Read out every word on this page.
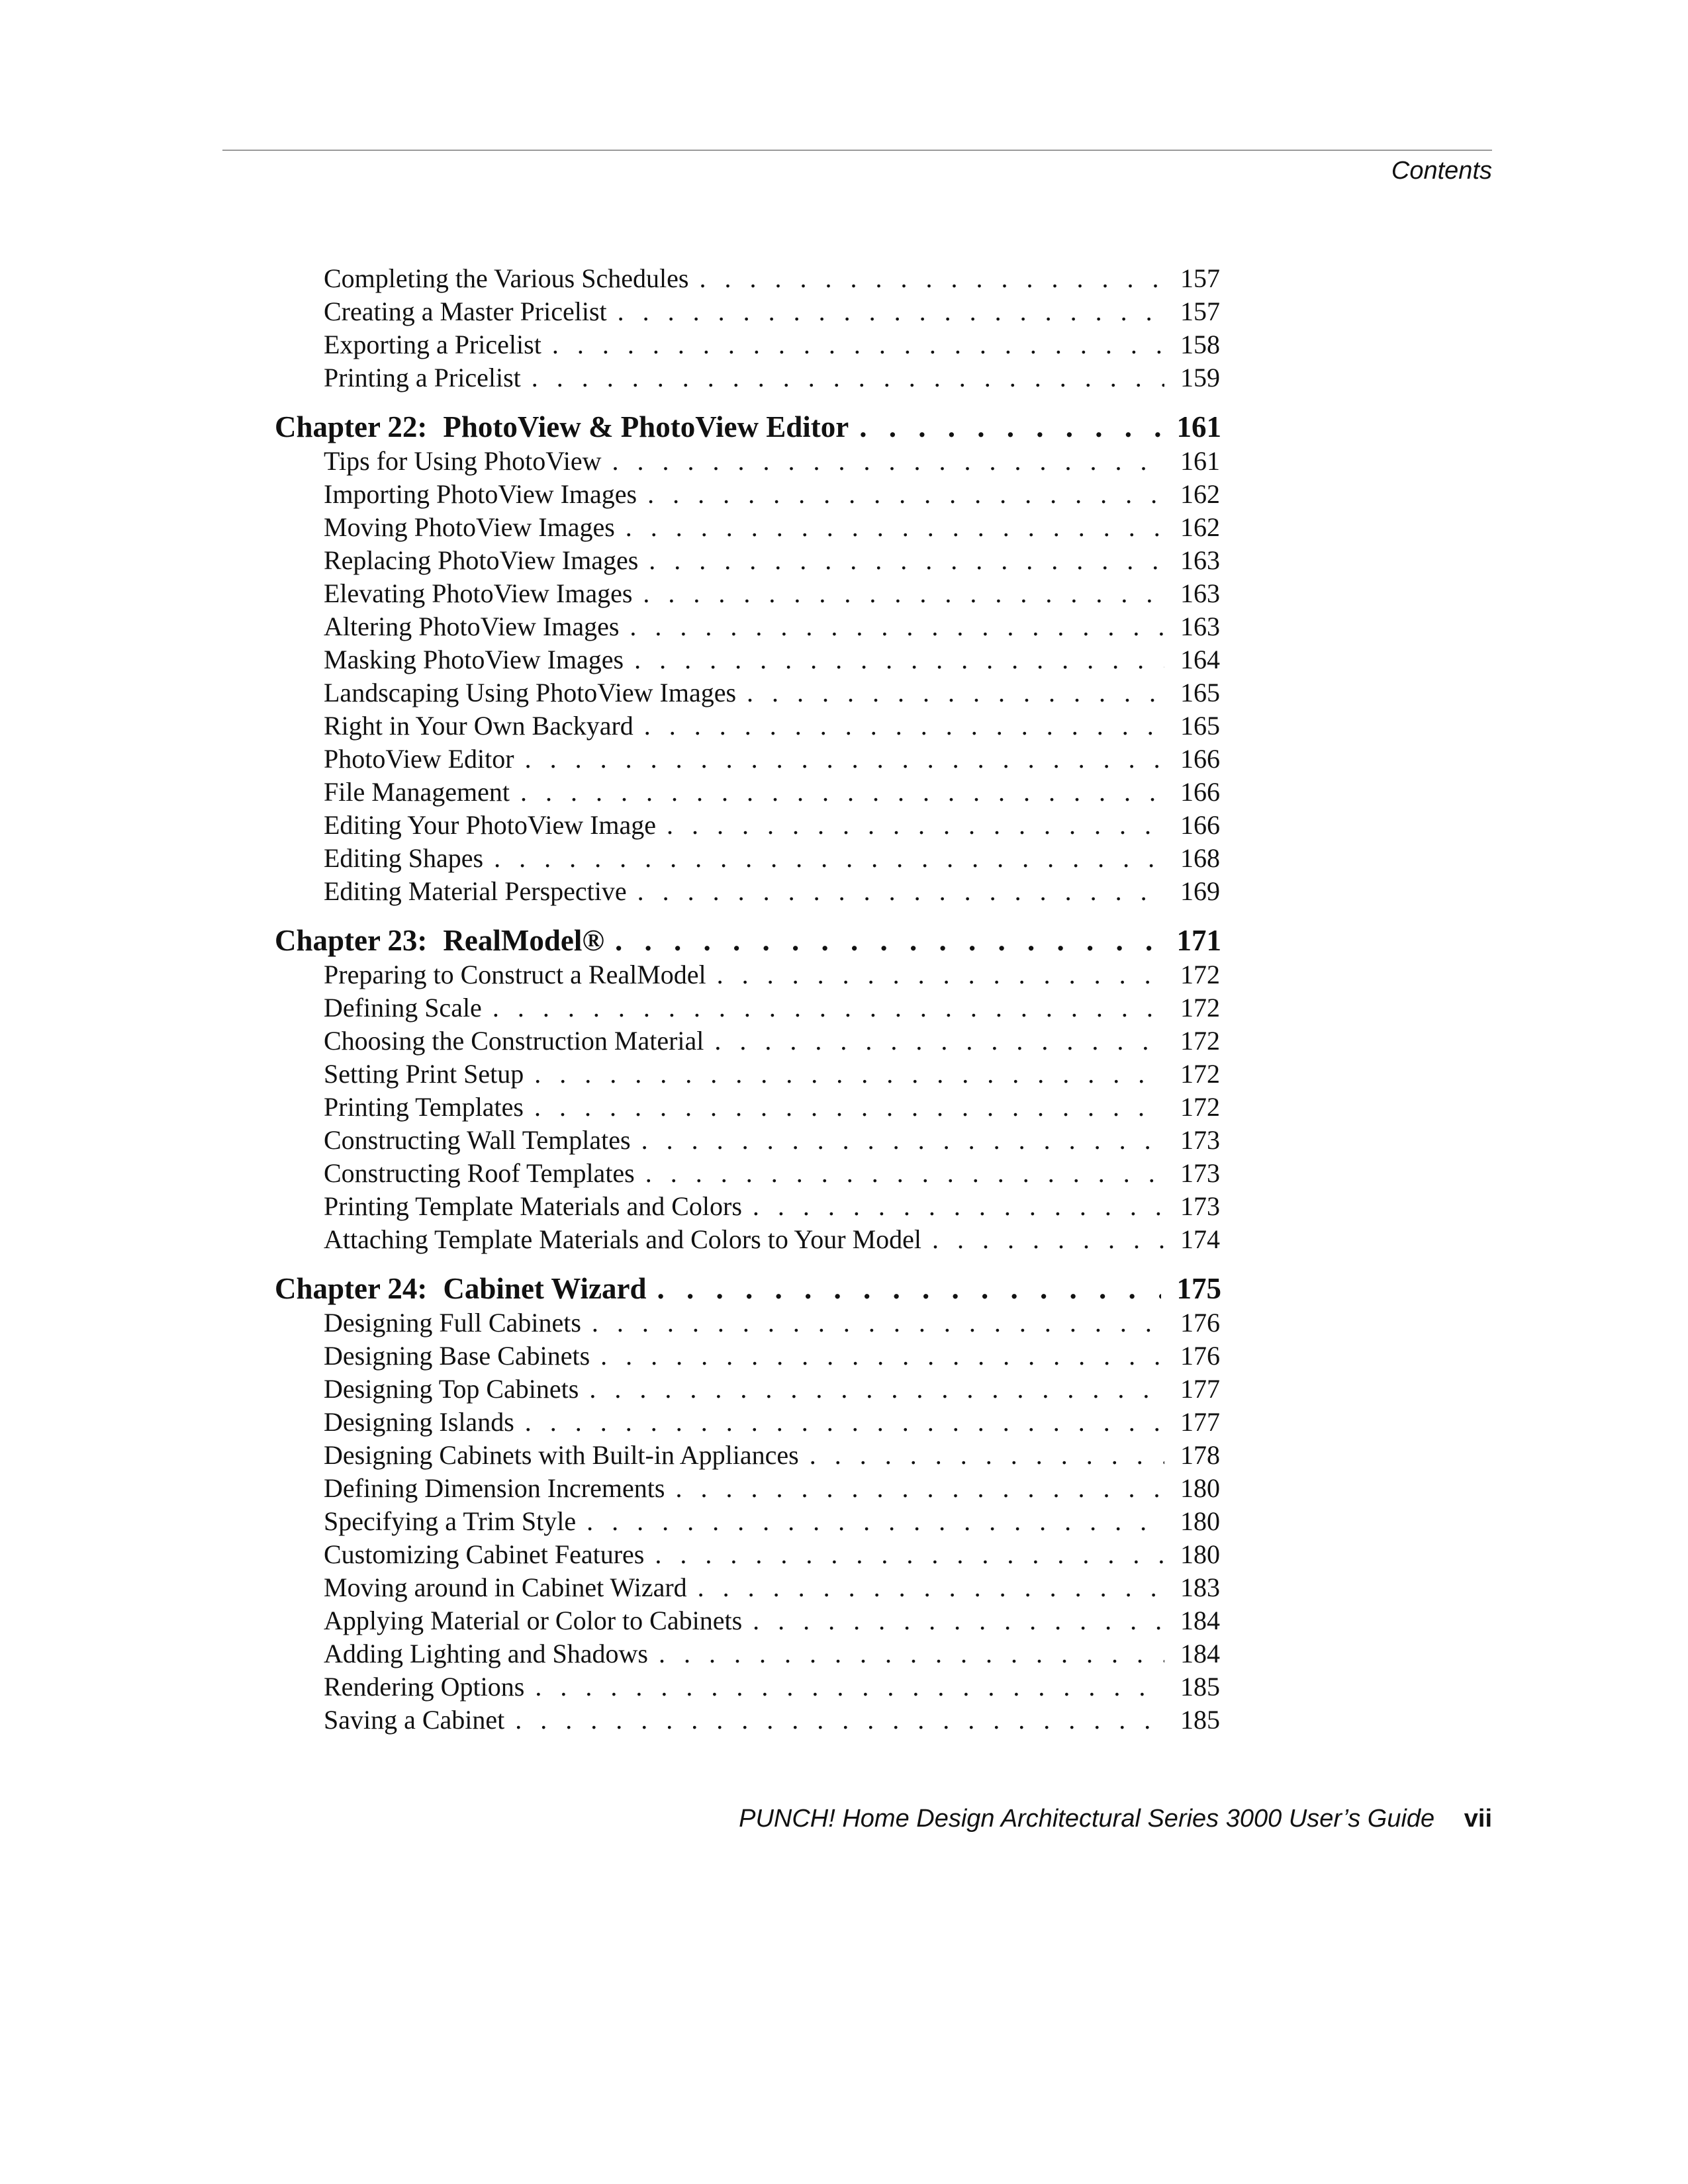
Contents
Completing the Various Schedules . . .	157
Creating a Master Pricelist . . .	157
Exporting a Pricelist . . .	158
Printing a Pricelist . . .	159
Chapter 22: PhotoView & PhotoView Editor . . .	161
Tips for Using PhotoView . . .	161
Importing PhotoView Images . . .	162
Moving PhotoView Images . . .	162
Replacing PhotoView Images . . .	163
Elevating PhotoView Images . . .	163
Altering PhotoView Images . . .	163
Masking PhotoView Images . . .	164
Landscaping Using PhotoView Images . . .	165
Right in Your Own Backyard . . .	165
PhotoView Editor . . .	166
File Management . . .	166
Editing Your PhotoView Image . . .	166
Editing Shapes . . .	168
Editing Material Perspective . . .	169
Chapter 23: RealModel® . . .	171
Preparing to Construct a RealModel . . .	172
Defining Scale . . .	172
Choosing the Construction Material . . .	172
Setting Print Setup . . .	172
Printing Templates . . .	172
Constructing Wall Templates . . .	173
Constructing Roof Templates . . .	173
Printing Template Materials and Colors . . .	173
Attaching Template Materials and Colors to Your Model . . .	174
Chapter 24: Cabinet Wizard . . .	175
Designing Full Cabinets . . .	176
Designing Base Cabinets . . .	176
Designing Top Cabinets . . .	177
Designing Islands . . .	177
Designing Cabinets with Built-in Appliances . . .	178
Defining Dimension Increments . . .	180
Specifying a Trim Style . . .	180
Customizing Cabinet Features . . .	180
Moving around in Cabinet Wizard . . .	183
Applying Material or Color to Cabinets . . .	184
Adding Lighting and Shadows . . .	184
Rendering Options . . .	185
Saving a Cabinet . . .	185
PUNCH! Home Design Architectural Series 3000 User’s Guide vii
